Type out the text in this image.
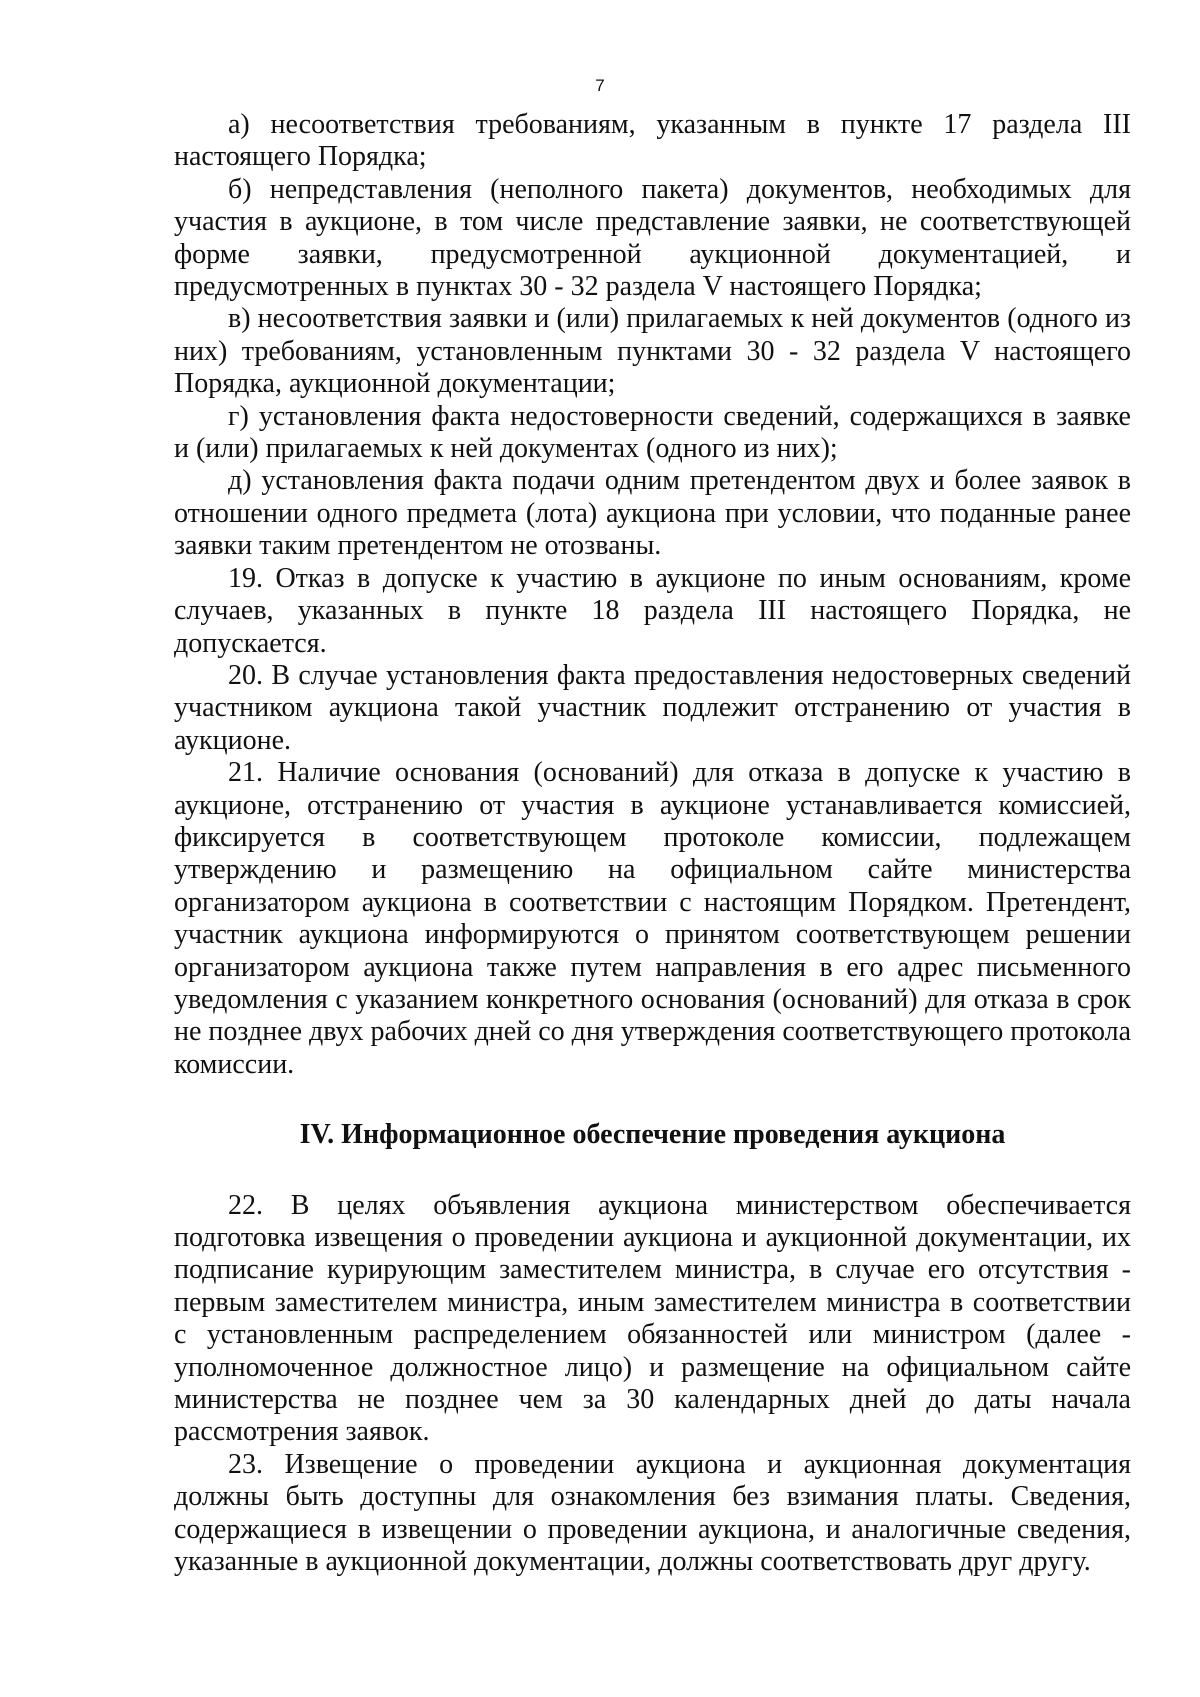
7

а) несоответствия требованиям, указанным в пункте 17 раздела III настоящего Порядка;

б) непредставления (неполного пакета) документов, необходимых для участия в аукционе, в том числе представление заявки, не соответствующей форме заявки, предусмотренной аукционной документацией, и предусмотренных в пунктах 30 - 32 раздела V настоящего Порядка;

в) несоответствия заявки и (или) прилагаемых к ней документов (одного из них) требованиям, установленным пунктами 30 - 32 раздела V настоящего Порядка, аукционной документации;

г) установления факта недостоверности сведений, содержащихся в заявке и (или) прилагаемых к ней документах (одного из них);

д) установления факта подачи одним претендентом двух и более заявок в отношении одного предмета (лота) аукциона при условии, что поданные ранее заявки таким претендентом не отозваны.

19. Отказ в допуске к участию в аукционе по иным основаниям, кроме случаев, указанных в пункте 18 раздела III настоящего Порядка, не допускается.

20. В случае установления факта предоставления недостоверных сведений участником аукциона такой участник подлежит отстранению от участия в аукционе.

21. Наличие основания (оснований) для отказа в допуске к участию в аукционе, отстранению от участия в аукционе устанавливается комиссией, фиксируется в соответствующем протоколе комиссии, подлежащем утверждению и размещению на официальном сайте министерства организатором аукциона в соответствии с настоящим Порядком. Претендент, участник аукциона информируются о принятом соответствующем решении организатором аукциона также путем направления в его адрес письменного уведомления с указанием конкретного основания (оснований) для отказа в срок не позднее двух рабочих дней со дня утверждения соответствующего протокола комиссии.

IV. Информационное обеспечение проведения аукциона

22. В целях объявления аукциона министерством обеспечивается подготовка извещения о проведении аукциона и аукционной документации, их подписание курирующим заместителем министра, в случае его отсутствия - первым заместителем министра, иным заместителем министра в соответствии с установленным распределением обязанностей или министром (далее - уполномоченное должностное лицо) и размещение на официальном сайте министерства не позднее чем за 30 календарных дней до даты начала рассмотрения заявок.

23. Извещение о проведении аукциона и аукционная документация должны быть доступны для ознакомления без взимания платы. Сведения, содержащиеся в извещении о проведении аукциона, и аналогичные сведения, указанные в аукционной документации, должны соответствовать друг другу.
